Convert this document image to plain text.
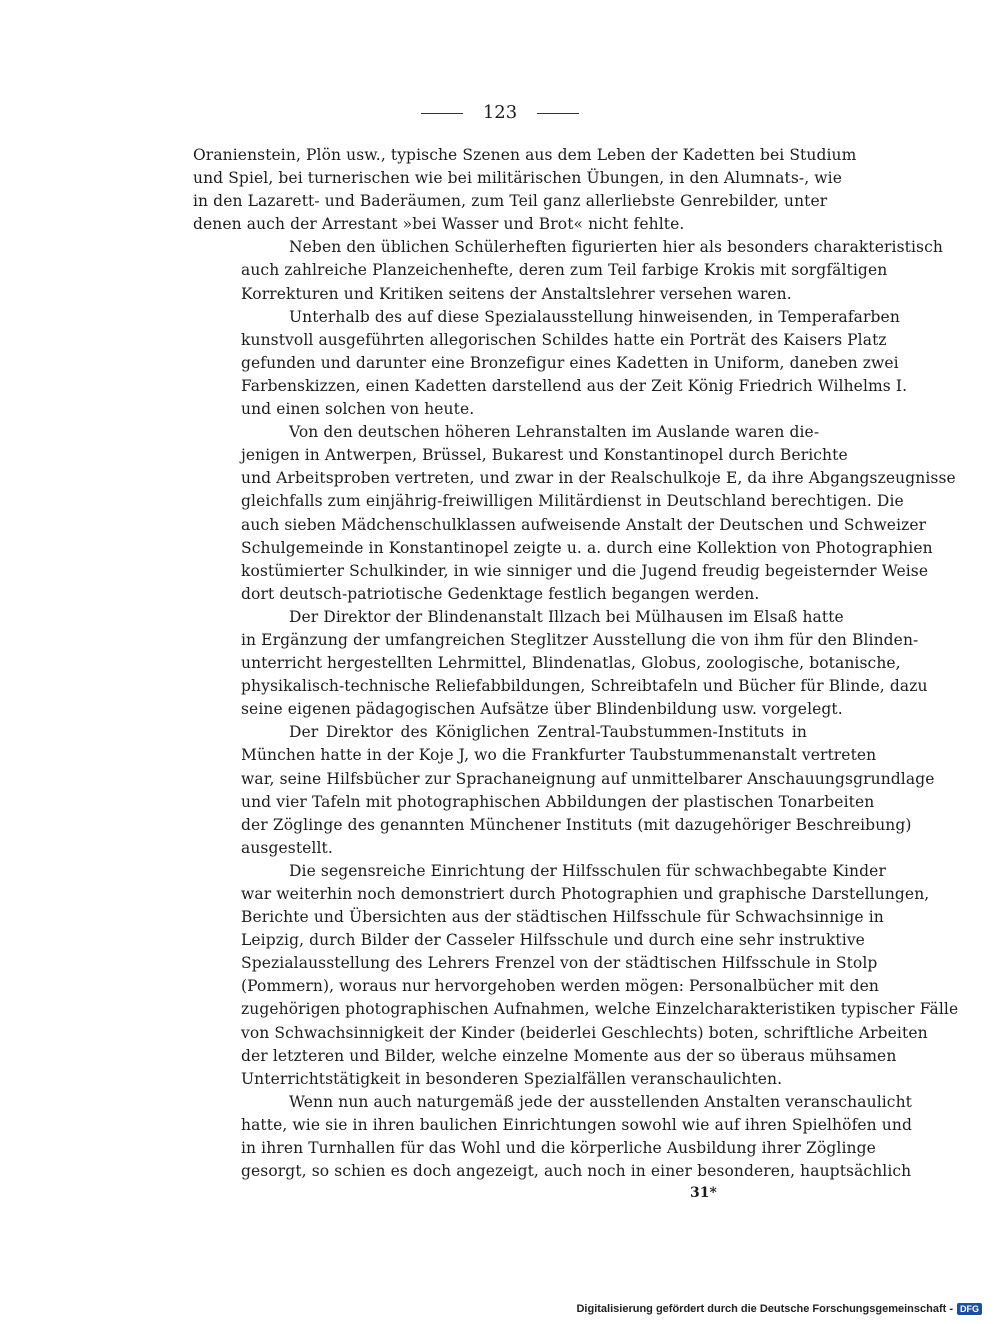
123

Oranienstein, Plön usw., typische Szenen aus dem Leben der Kadetten bei Studium
und Spiel, bei turnerischen wie bei militärischen Übungen, in den Alumnats-, wie
in den Lazarett- und Baderäumen, zum Teil ganz allerliebste Genrebilder, unter
denen auch der Arrestant »bei Wasser und Brot« nicht fehlte.

Neben den üblichen Schülerheften figurierten hier als besonders charakteristisch
auch zahlreiche Planzeichenhefte, deren zum Teil farbige Krokis mit sorgfältigen
Korrekturen und Kritiken seitens der Anstaltslehrer versehen waren.

Unterhalb des auf diese Spezialausstellung hinweisenden, in Temperafarben
kunstvoll ausgeführten allegorischen Schildes hatte ein Porträt des Kaisers Platz
gefunden und darunter eine Bronzefigur eines Kadetten in Uniform, daneben zwei
Farbenskizzen, einen Kadetten darstellend aus der Zeit König Friedrich Wilhelms I.
und einen solchen von heute.

Von den deutschen höheren Lehranstalten im Auslande waren die-
jenigen in Antwerpen, Brüssel, Bukarest und Konstantinopel durch Berichte
und Arbeitsproben vertreten, und zwar in der Realschulkoje E, da ihre Abgangszeugnisse
gleichfalls zum einjährig-freiwilligen Militärdienst in Deutschland berechtigen. Die
auch sieben Mädchenschulklassen aufweisende Anstalt der Deutschen und Schweizer
Schulgemeinde in Konstantinopel zeigte u. a. durch eine Kollektion von Photographien
kostümierter Schulkinder, in wie sinniger und die Jugend freudig begeisternder Weise
dort deutsch-patriotische Gedenktage festlich begangen werden.

Der Direktor der Blindenanstalt Illzach bei Mülhausen im Elsaß hatte
in Ergänzung der umfangreichen Steglitzer Ausstellung die von ihm für den Blinden-
unterricht hergestellten Lehrmittel, Blindenatlas, Globus, zoologische, botanische,
physikalisch-technische Reliefabbildungen, Schreibtafeln und Bücher für Blinde, dazu
seine eigenen pädagogischen Aufsätze über Blindenbildung usw. vorgelegt.

Der Direktor des Königlichen Zentral-Taubstummen-Instituts in
München hatte in der Koje J, wo die Frankfurter Taubstummenanstalt vertreten
war, seine Hilfsbücher zur Sprachaneignung auf unmittelbarer Anschauungsgrundlage
und vier Tafeln mit photographischen Abbildungen der plastischen Tonarbeiten
der Zöglinge des genannten Münchener Instituts (mit dazugehöriger Beschreibung)
ausgestellt.

Die segensreiche Einrichtung der Hilfsschulen für schwachbegabte Kinder
war weiterhin noch demonstriert durch Photographien und graphische Darstellungen,
Berichte und Übersichten aus der städtischen Hilfsschule für Schwachsinnige in
Leipzig, durch Bilder der Casseler Hilfsschule und durch eine sehr instruktive
Spezialausstellung des Lehrers Frenzel von der städtischen Hilfsschule in Stolp
(Pommern), woraus nur hervorgehoben werden mögen: Personalbücher mit den
zugehörigen photographischen Aufnahmen, welche Einzelcharakteristiken typischer Fälle
von Schwachsinnigkeit der Kinder (beiderlei Geschlechts) boten, schriftliche Arbeiten
der letzteren und Bilder, welche einzelne Momente aus der so überaus mühsamen
Unterrichtstätigkeit in besonderen Spezialfällen veranschaulichten.

Wenn nun auch naturgemäß jede der ausstellenden Anstalten veranschaulicht
hatte, wie sie in ihren baulichen Einrichtungen sowohl wie auf ihren Spielhöfen und
in ihren Turnhallen für das Wohl und die körperliche Ausbildung ihrer Zöglinge
gesorgt, so schien es doch angezeigt, auch noch in einer besonderen, hauptsächlich

31*
Digitalisierung gefördert durch die Deutsche Forschungsgemeinschaft - DFG
